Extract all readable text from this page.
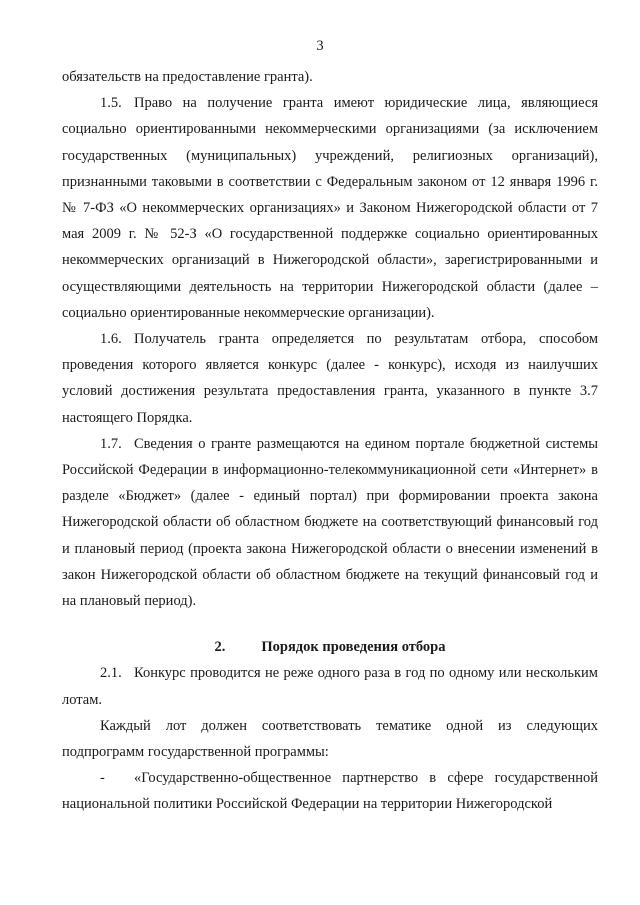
3

обязательств на предоставление гранта).

1.5. Право на получение гранта имеют юридические лица, являющиеся социально ориентированными некоммерческими организациями (за исключением государственных (муниципальных) учреждений, религиозных организаций), признанными таковыми в соответствии с Федеральным законом от 12 января 1996 г. № 7-ФЗ «О некоммерческих организациях» и Законом Нижегородской области от 7 мая 2009 г. № 52-З «О государственной поддержке социально ориентированных некоммерческих организаций в Нижегородской области», зарегистрированными и осуществляющими деятельность на территории Нижегородской области (далее – социально ориентированные некоммерческие организации).

1.6. Получатель гранта определяется по результатам отбора, способом проведения которого является конкурс (далее - конкурс), исходя из наилучших условий достижения результата предоставления гранта, указанного в пункте 3.7 настоящего Порядка.

1.7. Сведения о гранте размещаются на едином портале бюджетной системы Российской Федерации в информационно-телекоммуникационной сети «Интернет» в разделе «Бюджет» (далее - единый портал) при формировании проекта закона Нижегородской области об областном бюджете на соответствующий финансовый год и плановый период (проекта закона Нижегородской области о внесении изменений в закон Нижегородской области об областном бюджете на текущий финансовый год и на плановый период).

2. Порядок проведения отбора

2.1. Конкурс проводится не реже одного раза в год по одному или нескольким лотам.

Каждый лот должен соответствовать тематике одной из следующих подпрограмм государственной программы:

- «Государственно-общественное партнерство в сфере государственной национальной политики Российской Федерации на территории Нижегородской
